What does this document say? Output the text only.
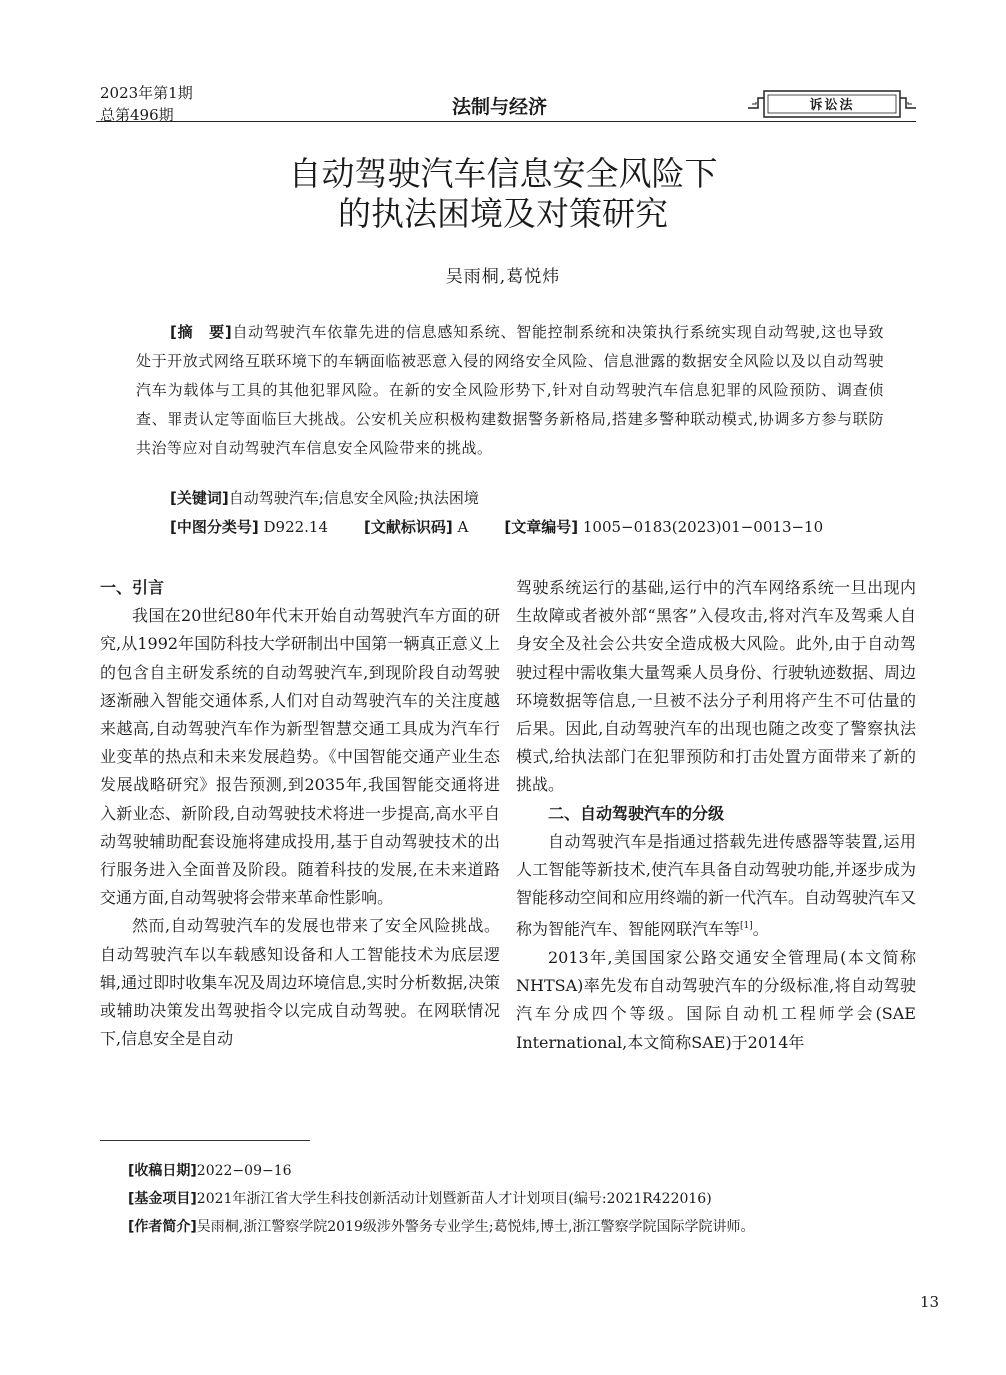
2023年第1期
总第496期	法制与经济	诉讼法
自动驾驶汽车信息安全风险下
的执法困境及对策研究
吴雨桐,葛悦炜
[摘　要]自动驾驶汽车依靠先进的信息感知系统、智能控制系统和决策执行系统实现自动驾驶,这也导致处于开放式网络互联环境下的车辆面临被恶意入侵的网络安全风险、信息泄露的数据安全风险以及以自动驾驶汽车为载体与工具的其他犯罪风险。在新的安全风险形势下,针对自动驾驶汽车信息犯罪的风险预防、调查侦查、罪责认定等面临巨大挑战。公安机关应积极构建数据警务新格局,搭建多警种联动模式,协调多方参与联防共治等应对自动驾驶汽车信息安全风险带来的挑战。
[关键词]自动驾驶汽车;信息安全风险;执法困境
[中图分类号] D922.14 [文献标识码] A [文章编号] 1005−0183(2023)01−0013−10

一、引言

我国在20世纪80年代末开始自动驾驶汽车方面的研究,从1992年国防科技大学研制出中国第一辆真正意义上的包含自主研发系统的自动驾驶汽车,到现阶段自动驾驶逐渐融入智能交通体系,人们对自动驾驶汽车的关注度越来越高,自动驾驶汽车作为新型智慧交通工具成为汽车行业变革的热点和未来发展趋势。《中国智能交通产业生态发展战略研究》报告预测,到2035年,我国智能交通将进入新业态、新阶段,自动驾驶技术将进一步提高,高水平自动驾驶辅助配套设施将建成投用,基于自动驾驶技术的出行服务进入全面普及阶段。随着科技的发展,在未来道路交通方面,自动驾驶将会带来革命性影响。

然而,自动驾驶汽车的发展也带来了安全风险挑战。自动驾驶汽车以车载感知设备和人工智能技术为底层逻辑,通过即时收集车况及周边环境信息,实时分析数据,决策或辅助决策发出驾驶指令以完成自动驾驶。在网联情况下,信息安全是自动

驾驶系统运行的基础,运行中的汽车网络系统一旦出现内生故障或者被外部“黑客”入侵攻击,将对汽车及驾乘人自身安全及社会公共安全造成极大风险。此外,由于自动驾驶过程中需收集大量驾乘人员身份、行驶轨迹数据、周边环境数据等信息,一旦被不法分子利用将产生不可估量的后果。因此,自动驾驶汽车的出现也随之改变了警察执法模式,给执法部门在犯罪预防和打击处置方面带来了新的挑战。

二、自动驾驶汽车的分级

自动驾驶汽车是指通过搭载先进传感器等装置,运用人工智能等新技术,使汽车具备自动驾驶功能,并逐步成为智能移动空间和应用终端的新一代汽车。自动驾驶汽车又称为智能汽车、智能网联汽车等[1]。

2013年,美国国家公路交通安全管理局(本文简称NHTSA)率先发布自动驾驶汽车的分级标准,将自动驾驶汽车分成四个等级。国际自动机工程师学会(SAE International,本文简称SAE)于2014年

[收稿日期]2022−09−16

[基金项目]2021年浙江省大学生科技创新活动计划暨新苗人才计划项目(编号:2021R422016)

[作者简介]吴雨桐,浙江警察学院2019级涉外警务专业学生;葛悦炜,博士,浙江警察学院国际学院讲师。

13
